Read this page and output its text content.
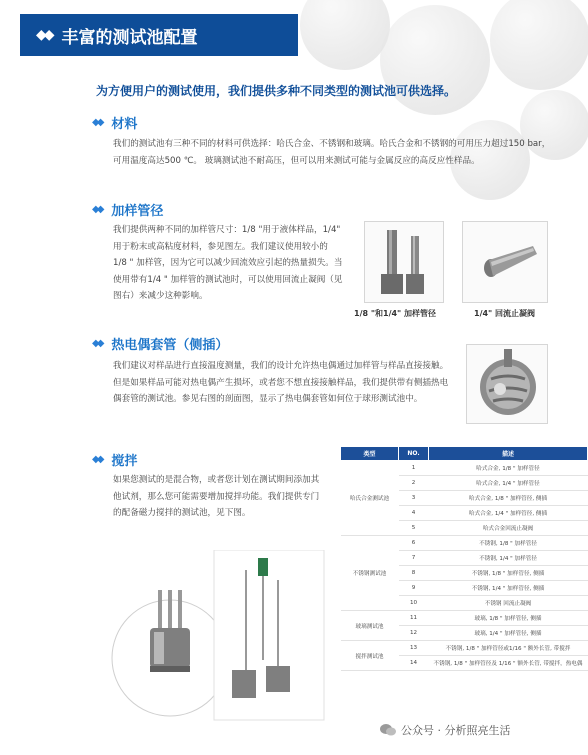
◆◆ 丰富的测试池配置
为方便用户的测试使用，我们提供多种不同类型的测试池可供选择。
◆◆ 材料
我们的测试池有三种不同的材料可供选择：哈氏合金、不锈钢和玻璃。哈氏合金和不锈钢的可用压力超过150 bar，可用温度高达500 ℃。 玻璃测试池不耐高压，但可以用来测试可能与金属反应的高反应性样品。
◆◆ 加样管径
我们提供两种不同的加样管尺寸：1/8 "用于液体样品，1/4" 用于粉末或高粘度材料，参见图左。我们建议使用较小的 1/8 " 加样管，因为它可以减少回流效应引起的热量损失。当使用带有1/4 " 加样管的测试池时，可以使用回流止凝阀（见图右）来减少这种影响。
1/8 "和1/4" 加样管径	1/4" 回流止凝阀
◆◆ 热电偶套管（侧插）
我们建议对样品进行直接温度测量，我们的设计允许热电偶通过加样管与样品直接接触。但是如果样品可能对热电偶产生损坏，或者您不想直接接触样品，我们提供带有侧插热电偶套管的测试池。参见右图的剖面图，显示了热电偶套管如何位于球形测试池中。
◆◆ 搅拌
如果您测试的是混合物，或者您计划在测试期间添加其他试剂，那么您可能需要增加搅拌功能。我们提供专门的配备磁力搅拌的测试池，见下图。
类型	NO.	描述
哈氏合金测试池	1	哈式合金, 1/8 " 加样管径
	2	哈式合金, 1/4 " 加样管径
	3	哈式合金, 1/8 " 加样管径, 侧插
	4	哈式合金, 1/4 " 加样管径, 侧插
	5	哈式合金回流止凝阀
不锈钢测试池	6	不锈钢, 1/8 " 加样管径
	7	不锈钢, 1/4 " 加样管径
	8	不锈钢, 1/8 " 加样管径, 侧插
	9	不锈钢, 1/4 " 加样管径, 侧插
	10	不锈钢 回流止凝阀
玻璃测试池	11	玻璃, 1/8 " 加样管径, 侧插
	12	玻璃, 1/4 " 加样管径, 侧插
搅拌测试池	13	不锈钢, 1/8 " 加样管径或1/16 " 额外长管, 带搅拌
	14	不锈钢, 1/8 " 加样管径及 1/16 " 额外长管, 带搅拌，热电偶
公众号 · 分析照亮生活
